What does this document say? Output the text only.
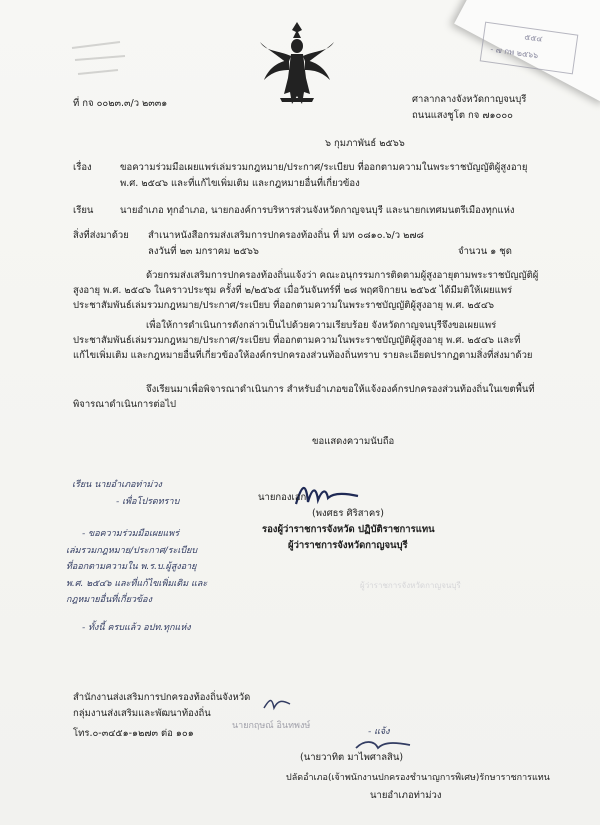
๕๕๔
- ๗ กพ ๒๕๖๖
ที่ กจ ๐๐๒๓.๓/ว ๒๓๓๑	ศาลากลางจังหวัดกาญจนบุรี
ถนนแสงชูโต กจ ๗๑๐๐๐
๖ กุมภาพันธ์ ๒๕๖๖
เรื่อง	ขอความร่วมมือเผยแพร่เล่มรวมกฎหมาย/ประกาศ/ระเบียบ ที่ออกตามความในพระราชบัญญัติผู้สูงอายุ
พ.ศ. ๒๕๔๖ และที่แก้ไขเพิ่มเติม และกฎหมายอื่นที่เกี่ยวข้อง
เรียน	นายอำเภอ ทุกอำเภอ, นายกองค์การบริหารส่วนจังหวัดกาญจนบุรี และนายกเทศมนตรีเมืองทุกแห่ง
สิ่งที่ส่งมาด้วย สำเนาหนังสือกรมส่งเสริมการปกครองท้องถิ่น ที่ มท ๐๘๑๐.๖/ว ๒๗๘
ลงวันที่ ๒๓ มกราคม ๒๕๖๖	จำนวน ๑ ชุด
ด้วยกรมส่งเสริมการปกครองท้องถิ่นแจ้งว่า คณะอนุกรรมการติดตามผู้สูงอายุตามพระราชบัญญัติผู้สูงอายุ พ.ศ. ๒๕๔๖ ในคราวประชุม ครั้งที่ ๒/๒๕๖๕ เมื่อวันจันทร์ที่ ๒๘ พฤศจิกายน ๒๕๖๕ ได้มีมติให้เผยแพร่ประชาสัมพันธ์เล่มรวมกฎหมาย/ประกาศ/ระเบียบ ที่ออกตามความในพระราชบัญญัติผู้สูงอายุ พ.ศ. ๒๕๔๖
เพื่อให้การดำเนินการดังกล่าวเป็นไปด้วยความเรียบร้อย จังหวัดกาญจนบุรีจึงขอเผยแพร่ประชาสัมพันธ์เล่มรวมกฎหมาย/ประกาศ/ระเบียบ ที่ออกตามความในพระราชบัญญัติผู้สูงอายุ พ.ศ. ๒๕๔๖ และที่แก้ไขเพิ่มเติม และกฎหมายอื่นที่เกี่ยวข้องให้องค์กรปกครองส่วนท้องถิ่นทราบ รายละเอียดปรากฏตามสิ่งที่ส่งมาด้วย
จึงเรียนมาเพื่อพิจารณาดำเนินการ สำหรับอำเภอขอให้แจ้งองค์กรปกครองส่วนท้องถิ่นในเขตพื้นที่พิจารณาดำเนินการต่อไป
ขอแสดงความนับถือ
นายกองเอก
(พงศธร ศิริสาคร)
รองผู้ว่าราชการจังหวัด ปฏิบัติราชการแทน
ผู้ว่าราชการจังหวัดกาญจนบุรี
ผู้ว่าราชการจังหวัดกาญจนบุรี
เรียน นายอำเภอท่าม่วง
- เพื่อโปรดทราบ
- ขอความร่วมมือเผยแพร่
เล่มรวมกฎหมาย/ประกาศ/ระเบียบ
ที่ออกตามความใน พ.ร.บ.ผู้สูงอายุ
พ.ศ. ๒๕๔๖ และที่แก้ไขเพิ่มเติม และ
กฎหมายอื่นที่เกี่ยวข้อง
- ทั้งนี้ ครบแล้ว อปท.ทุกแห่ง
สำนักงานส่งเสริมการปกครองท้องถิ่นจังหวัด
กลุ่มงานส่งเสริมและพัฒนาท้องถิ่น
โทร.๐-๓๔๕๑-๑๒๗๓ ต่อ ๑๐๑
นายกฤษณ์ อินทพงษ์
- แจ้ง
(นายวาทิต มาไพศาลสิน)
ปลัดอำเภอ(เจ้าพนักงานปกครองชำนาญการพิเศษ)รักษาราชการแทน
นายอำเภอท่าม่วง
